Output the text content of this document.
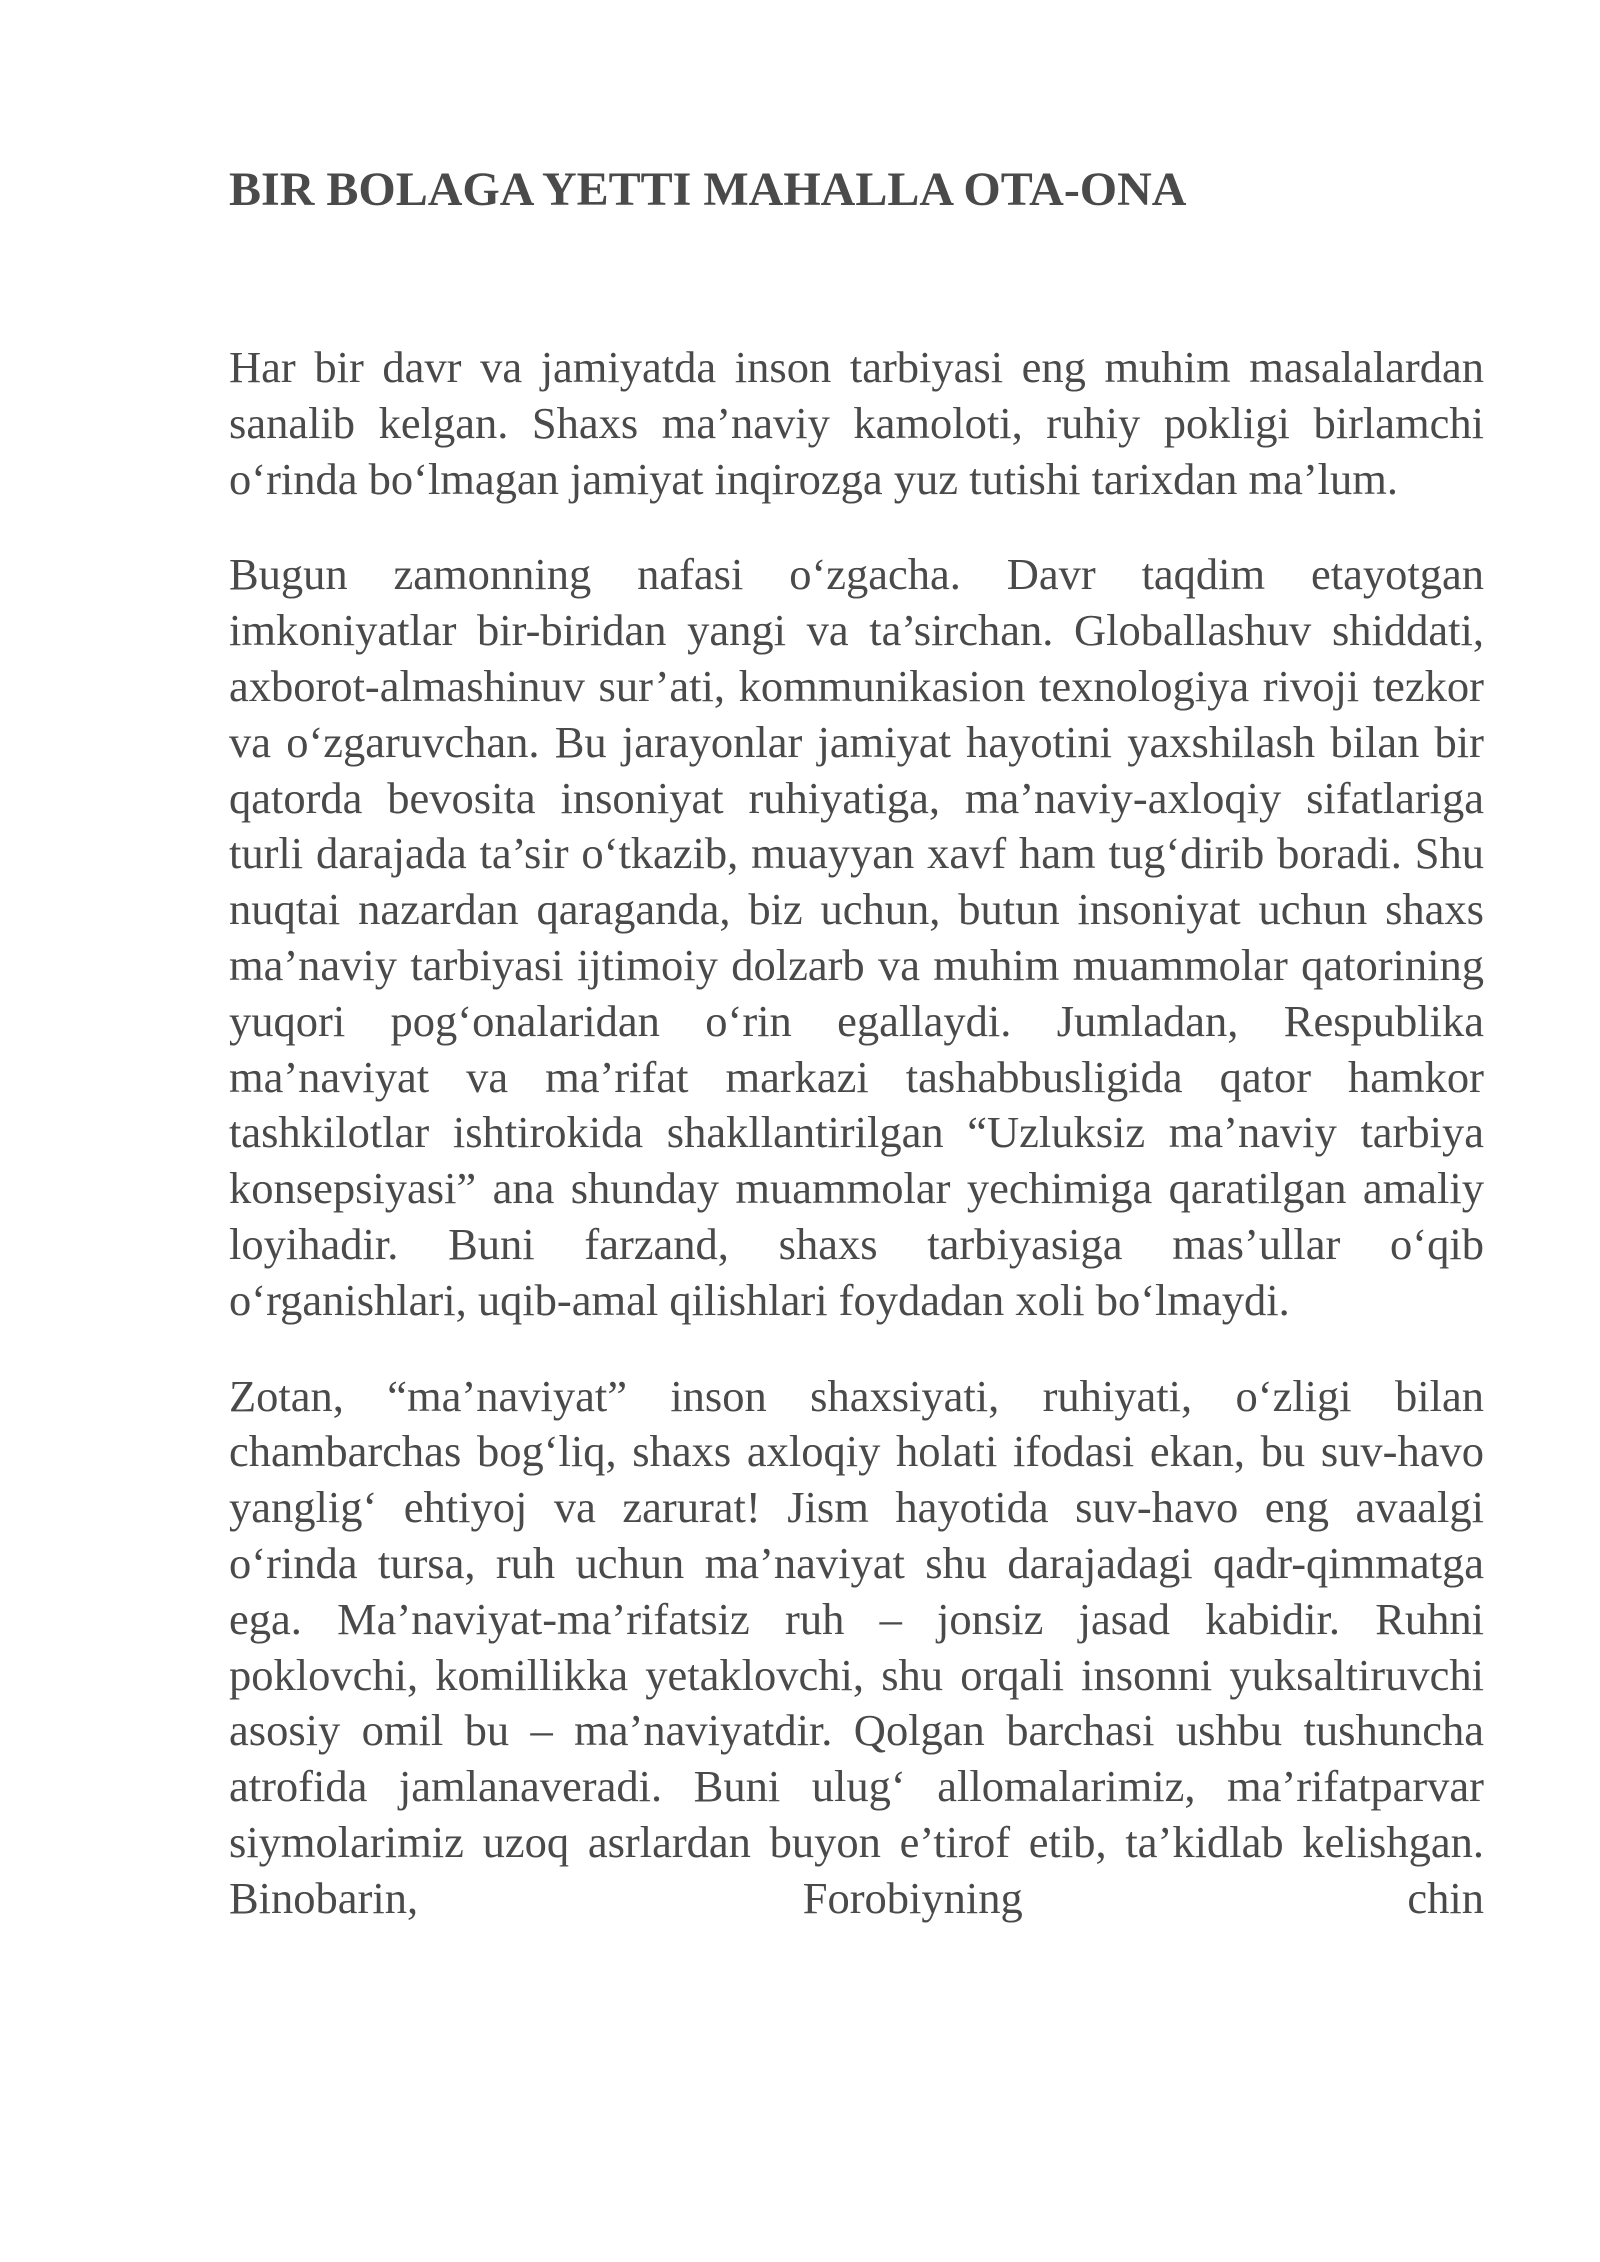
BIR BOLAGA YETTI MAHALLA OTA-ONA

Har bir davr va jamiyatda inson tarbiyasi eng muhim masalalardan sanalib kelgan. Shaxs ma’naviy kamoloti, ruhiy pokligi birlamchi o‘rinda bo‘lmagan jamiyat inqirozga yuz tutishi tarixdan ma’lum.

Bugun zamonning nafasi o‘zgacha. Davr taqdim etayotgan imkoniyatlar bir-biridan yangi va ta’sirchan. Globallashuv shiddati, axborot-almashinuv sur’ati, kommunikasion texnologiya rivoji tezkor va o‘zgaruvchan. Bu jarayonlar jamiyat hayotini yaxshilash bilan bir qatorda bevosita insoniyat ruhiyatiga, ma’naviy-axloqiy sifatlariga turli darajada ta’sir o‘tkazib, muayyan xavf ham tug‘dirib boradi. Shu nuqtai nazardan qaraganda, biz uchun, butun insoniyat uchun shaxs ma’naviy tarbiyasi ijtimoiy dolzarb va muhim muammolar qatorining yuqori pog‘onalaridan o‘rin egallaydi. Jumladan, Respublika ma’naviyat va ma’rifat markazi tashabbusligida qator hamkor tashkilotlar ishtirokida shakllantirilgan “Uzluksiz ma’naviy tarbiya konsepsiyasi” ana shunday muammolar yechimiga qaratilgan amaliy loyihadir. Buni farzand, shaxs tarbiyasiga mas’ullar o‘qib o‘rganishlari, uqib-amal qilishlari foydadan xoli bo‘lmaydi.

Zotan, “ma’naviyat” inson shaxsiyati, ruhiyati, o‘zligi bilan chambarchas bog‘liq, shaxs axloqiy holati ifodasi ekan, bu suv-havo yanglig‘ ehtiyoj va zarurat! Jism hayotida suv-havo eng avaalgi o‘rinda tursa, ruh uchun ma’naviyat shu darajadagi qadr-qimmatga ega. Ma’naviyat-ma’rifatsiz ruh – jonsiz jasad kabidir. Ruhni poklovchi, komillikka yetaklovchi, shu orqali insonni yuksaltiruvchi asosiy omil bu – ma’naviyatdir. Qolgan barchasi ushbu tushuncha atrofida jamlanaveradi. Buni ulug‘ allomalarimiz, ma’rifatparvar siymolarimiz uzoq asrlardan buyon e’tirof etib, ta’kidlab kelishgan. Binobarin, Forobiyning chin
